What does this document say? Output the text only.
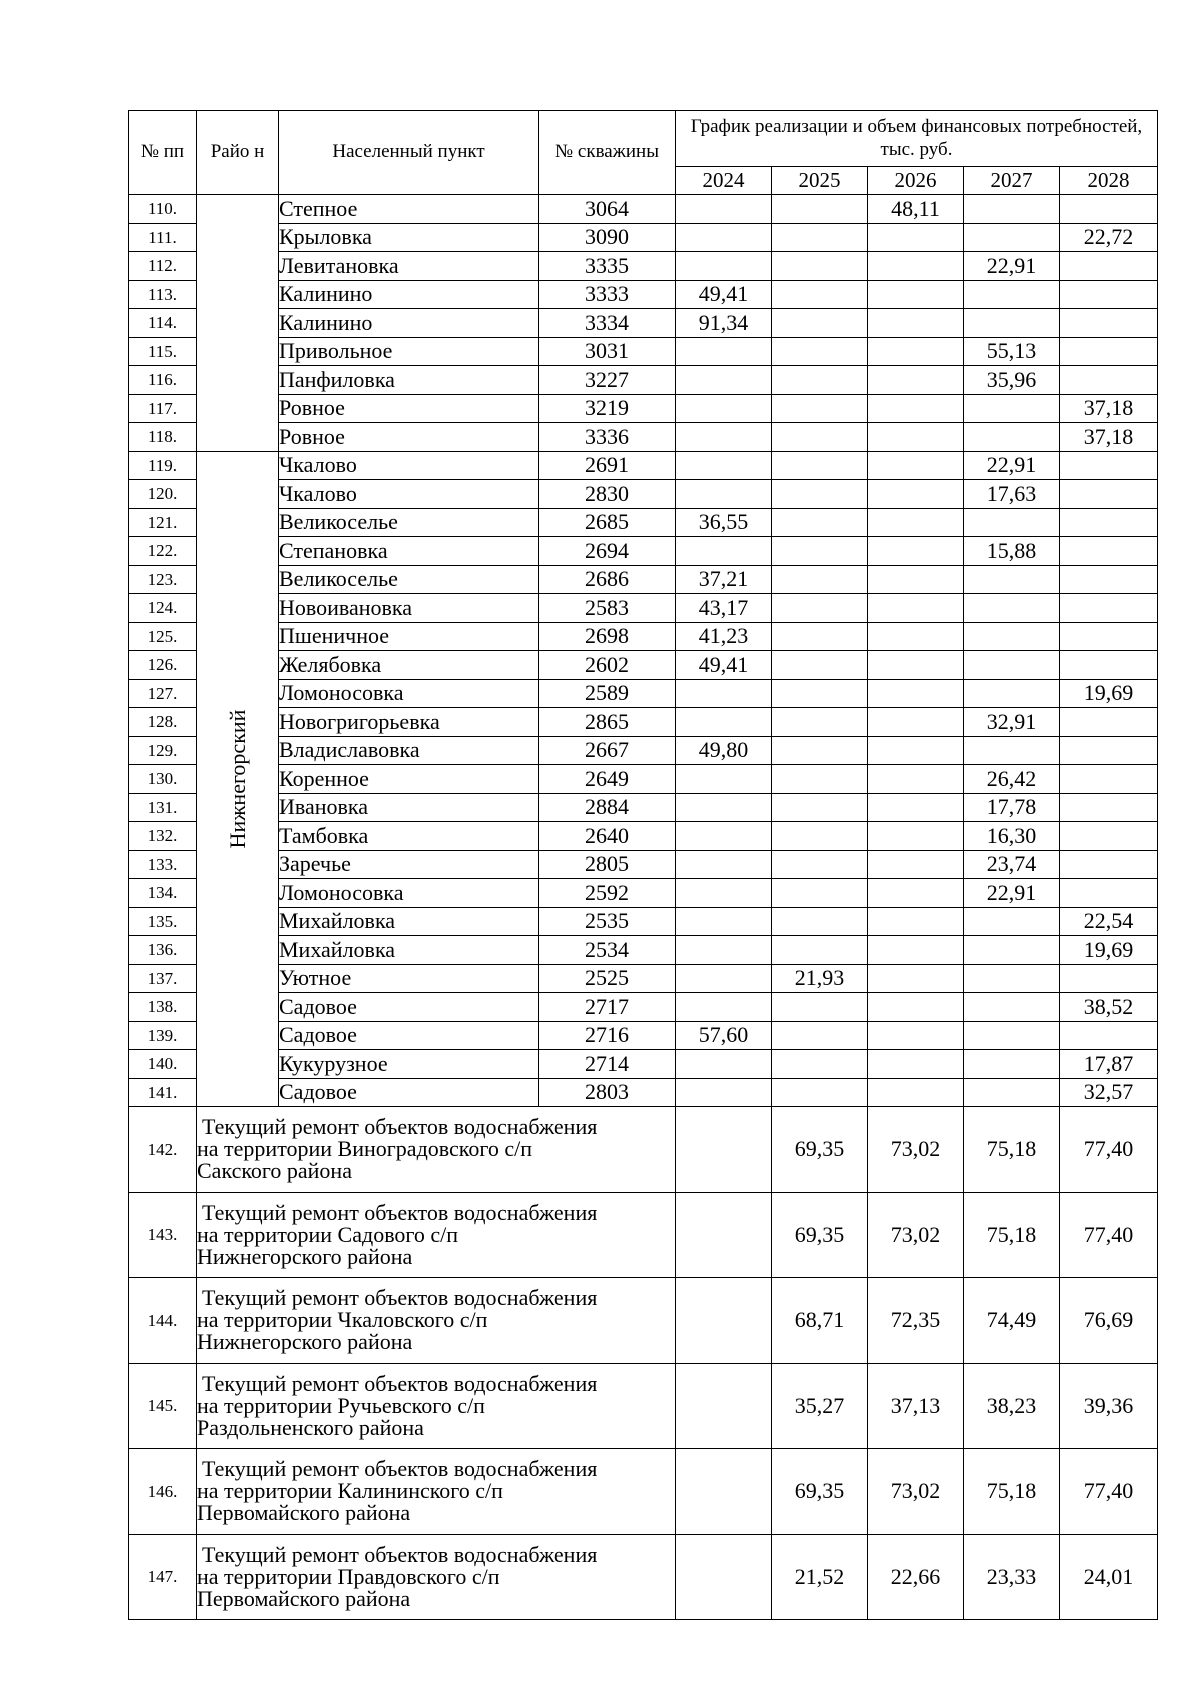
№ пп	Райо н	Населенный пункт	№ скважины	График реализации и объем финансовых потребностей, тыс. руб.				
				2024	2025	2026	2027	2028
110.		Степное	3064			48,11		
111.		Крыловка	3090					22,72
112.		Левитановка	3335				22,91	
113.		Калинино	3333	49,41				
114.		Калинино	3334	91,34				
115.		Привольное	3031				55,13	
116.		Панфиловка	3227				35,96	
117.		Ровное	3219					37,18
118.		Ровное	3336					37,18
119.	Нижнегорский	Чкалово	2691				22,91	
120.		Чкалово	2830				17,63	
121.		Великоселье	2685	36,55				
122.		Степановка	2694				15,88	
123.		Великоселье	2686	37,21				
124.		Новоивановка	2583	43,17				
125.		Пшеничное	2698	41,23				
126.		Желябовка	2602	49,41				
127.		Ломоносовка	2589					19,69
128.		Новогригорьевка	2865				32,91	
129.		Владиславовка	2667	49,80				
130.		Коренное	2649				26,42	
131.		Ивановка	2884				17,78	
132.		Тамбовка	2640				16,30	
133.		Заречье	2805				23,74	
134.		Ломоносовка	2592				22,91	
135.		Михайловка	2535					22,54
136.		Михайловка	2534					19,69
137.		Уютное	2525		21,93			
138.		Садовое	2717					38,52
139.		Садовое	2716	57,60				
140.		Кукурузное	2714					17,87
141.		Садовое	2803					32,57
142.	Текущий ремонт объектов водоснабжения
на территории Виноградовского с/п
Сакского района				69,35	73,02	75,18	77,40
143.	Текущий ремонт объектов водоснабжения
на территории Садового с/п
Нижнегорского района				69,35	73,02	75,18	77,40
144.	Текущий ремонт объектов водоснабжения
на территории Чкаловского с/п
Нижнегорского района				68,71	72,35	74,49	76,69
145.	Текущий ремонт объектов водоснабжения
на территории Ручьевского с/п
Раздольненского района				35,27	37,13	38,23	39,36
146.	Текущий ремонт объектов водоснабжения
на территории Калининского с/п
Первомайского района				69,35	73,02	75,18	77,40
147.	Текущий ремонт объектов водоснабжения
на территории Правдовского с/п
Первомайского района				21,52	22,66	23,33	24,01
